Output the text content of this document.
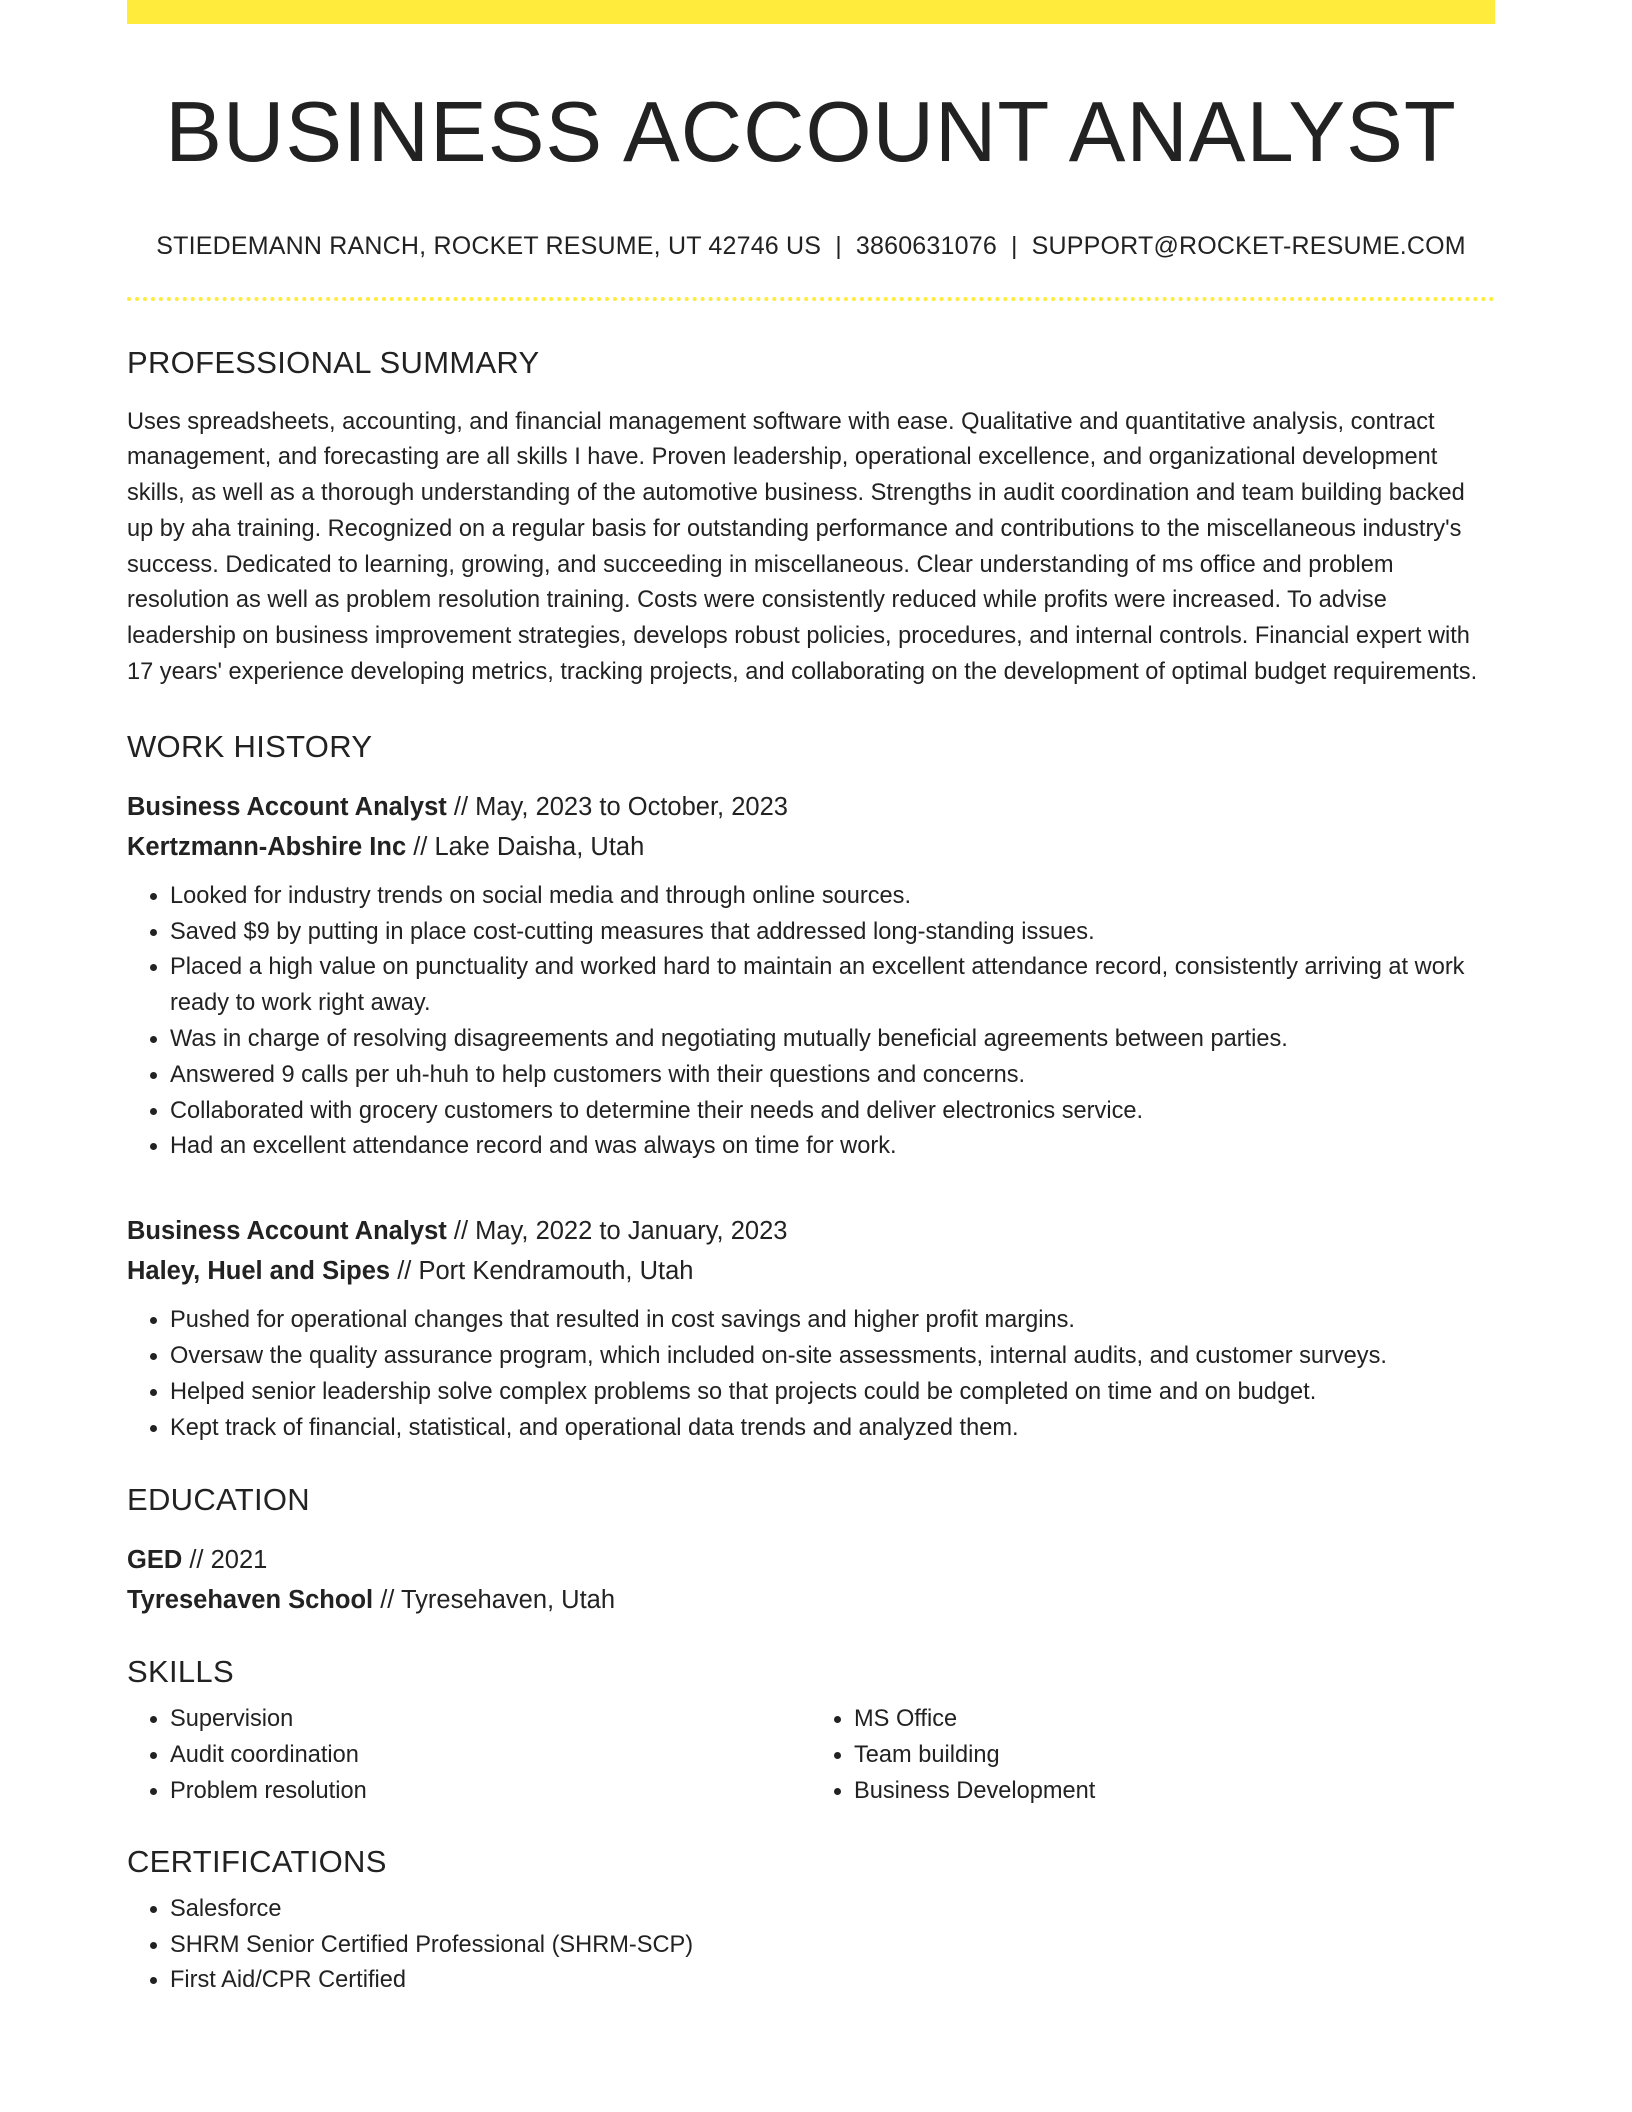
BUSINESS ACCOUNT ANALYST
STIEDEMANN RANCH, ROCKET RESUME, UT 42746 US | 3860631076 | SUPPORT@ROCKET-RESUME.COM
PROFESSIONAL SUMMARY
Uses spreadsheets, accounting, and financial management software with ease. Qualitative and quantitative analysis, contract management, and forecasting are all skills I have. Proven leadership, operational excellence, and organizational development skills, as well as a thorough understanding of the automotive business. Strengths in audit coordination and team building backed up by aha training. Recognized on a regular basis for outstanding performance and contributions to the miscellaneous industry's success. Dedicated to learning, growing, and succeeding in miscellaneous. Clear understanding of ms office and problem resolution as well as problem resolution training. Costs were consistently reduced while profits were increased. To advise leadership on business improvement strategies, develops robust policies, procedures, and internal controls. Financial expert with 17 years' experience developing metrics, tracking projects, and collaborating on the development of optimal budget requirements.
WORK HISTORY
Business Account Analyst // May, 2023 to October, 2023
Kertzmann-Abshire Inc // Lake Daisha, Utah
• Looked for industry trends on social media and through online sources.
• Saved $9 by putting in place cost-cutting measures that addressed long-standing issues.
• Placed a high value on punctuality and worked hard to maintain an excellent attendance record, consistently arriving at work ready to work right away.
• Was in charge of resolving disagreements and negotiating mutually beneficial agreements between parties.
• Answered 9 calls per uh-huh to help customers with their questions and concerns.
• Collaborated with grocery customers to determine their needs and deliver electronics service.
• Had an excellent attendance record and was always on time for work.
Business Account Analyst // May, 2022 to January, 2023
Haley, Huel and Sipes // Port Kendramouth, Utah
• Pushed for operational changes that resulted in cost savings and higher profit margins.
• Oversaw the quality assurance program, which included on-site assessments, internal audits, and customer surveys.
• Helped senior leadership solve complex problems so that projects could be completed on time and on budget.
• Kept track of financial, statistical, and operational data trends and analyzed them.
EDUCATION
GED // 2021
Tyresehaven School // Tyresehaven, Utah
SKILLS
• Supervision
• Audit coordination
• Problem resolution
• MS Office
• Team building
• Business Development
CERTIFICATIONS
• Salesforce
• SHRM Senior Certified Professional (SHRM-SCP)
• First Aid/CPR Certified
